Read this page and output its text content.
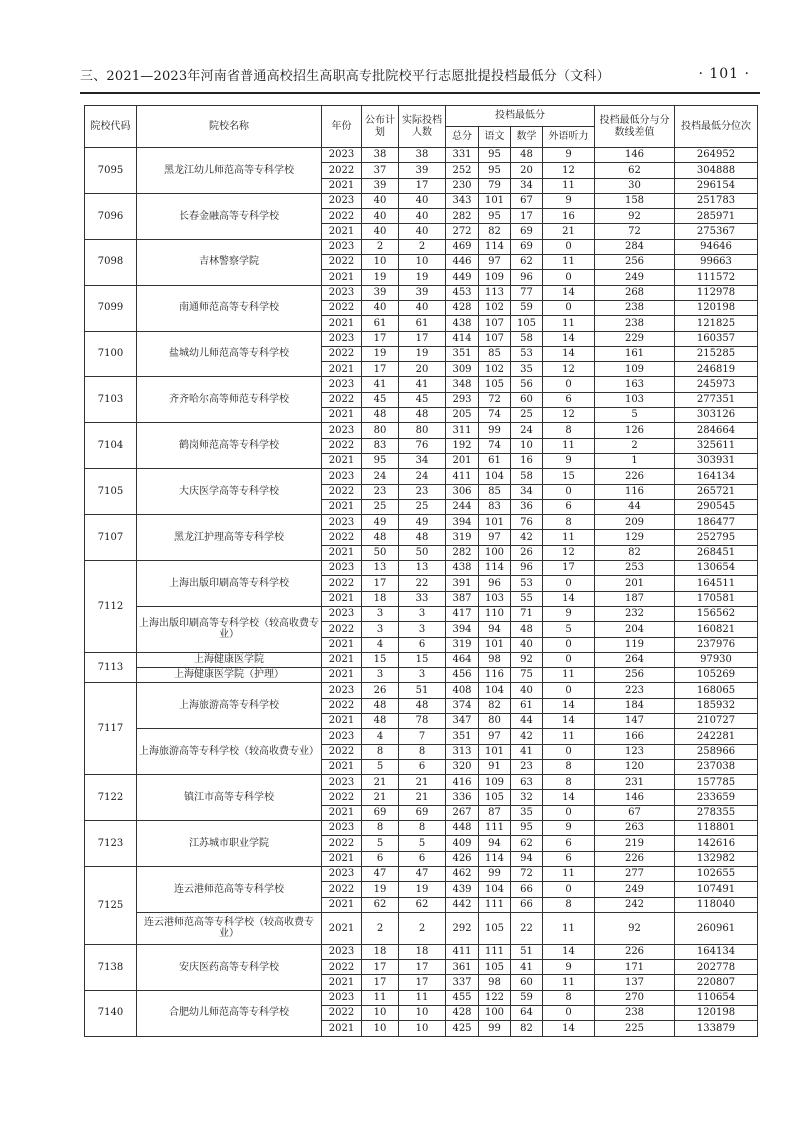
三、2021—2023年河南省普通高校招生高职高专批院校平行志愿批提投档最低分（文科）	· 101 ·
院校代码	院校名称	年份	公布计划	实际投档人数	投档最低分				投档最低分与分数线差值	投档最低分位次
					总分	语文	数学	外语听力		
7095	黑龙江幼儿师范高等专科学校	2023	38	38	331	95	48	9	146	264952
		2022	37	39	252	95	20	12	62	304888
		2021	39	17	230	79	34	11	30	296154
7096	长春金融高等专科学校	2023	40	40	343	101	67	9	158	251783
		2022	40	40	282	95	17	16	92	285971
		2021	40	40	272	82	69	21	72	275367
7098	吉林警察学院	2023	2	2	469	114	69	0	284	94646
		2022	10	10	446	97	62	11	256	99663
		2021	19	19	449	109	96	0	249	111572
7099	南通师范高等专科学校	2023	39	39	453	113	77	14	268	112978
		2022	40	40	428	102	59	0	238	120198
		2021	61	61	438	107	105	11	238	121825
7100	盐城幼儿师范高等专科学校	2023	17	17	414	107	58	14	229	160357
		2022	19	19	351	85	53	14	161	215285
		2021	17	20	309	102	35	12	109	246819
7103	齐齐哈尔高等师范专科学校	2023	41	41	348	105	56	0	163	245973
		2022	45	45	293	72	60	6	103	277351
		2021	48	48	205	74	25	12	5	303126
7104	鹤岗师范高等专科学校	2023	80	80	311	99	24	8	126	284664
		2022	83	76	192	74	10	11	2	325611
		2021	95	34	201	61	16	9	1	303931
7105	大庆医学高等专科学校	2023	24	24	411	104	58	15	226	164134
		2022	23	23	306	85	34	0	116	265721
		2021	25	25	244	83	36	6	44	290545
7107	黑龙江护理高等专科学校	2023	49	49	394	101	76	8	209	186477
		2022	48	48	319	97	42	11	129	252795
		2021	50	50	282	100	26	12	82	268451
7112	上海出版印刷高等专科学校	2023	13	13	438	114	96	17	253	130654
		2022	17	22	391	96	53	0	201	164511
		2021	18	33	387	103	55	14	187	170581
	上海出版印刷高等专科学校（较高收费专业）	2023	3	3	417	110	71	9	232	156562
		2022	3	3	394	94	48	5	204	160821
		2021	4	6	319	101	40	0	119	237976
7113	上海健康医学院	2021	15	15	464	98	92	0	264	97930
	上海健康医学院（护理）	2021	3	3	456	116	75	11	256	105269
7117	上海旅游高等专科学校	2023	26	51	408	104	40	0	223	168065
		2022	48	48	374	82	61	14	184	185932
		2021	48	78	347	80	44	14	147	210727
	上海旅游高等专科学校（较高收费专业）	2023	4	7	351	97	42	11	166	242281
		2022	8	8	313	101	41	0	123	258966
		2021	5	6	320	91	23	8	120	237038
7122	镇江市高等专科学校	2023	21	21	416	109	63	8	231	157785
		2022	21	21	336	105	32	14	146	233659
		2021	69	69	267	87	35	0	67	278355
7123	江苏城市职业学院	2023	8	8	448	111	95	9	263	118801
		2022	5	5	409	94	62	6	219	142616
		2021	6	6	426	114	94	6	226	132982
7125	连云港师范高等专科学校	2023	47	47	462	99	72	11	277	102655
		2022	19	19	439	104	66	0	249	107491
		2021	62	62	442	111	66	8	242	118040
	连云港师范高等专科学校（较高收费专业）	2021	2	2	292	105	22	11	92	260961
7138	安庆医药高等专科学校	2023	18	18	411	111	51	14	226	164134
		2022	17	17	361	105	41	9	171	202778
		2021	17	17	337	98	60	11	137	220807
7140	合肥幼儿师范高等专科学校	2023	11	11	455	122	59	8	270	110654
		2022	10	10	428	100	64	0	238	120198
		2021	10	10	425	99	82	14	225	133879
